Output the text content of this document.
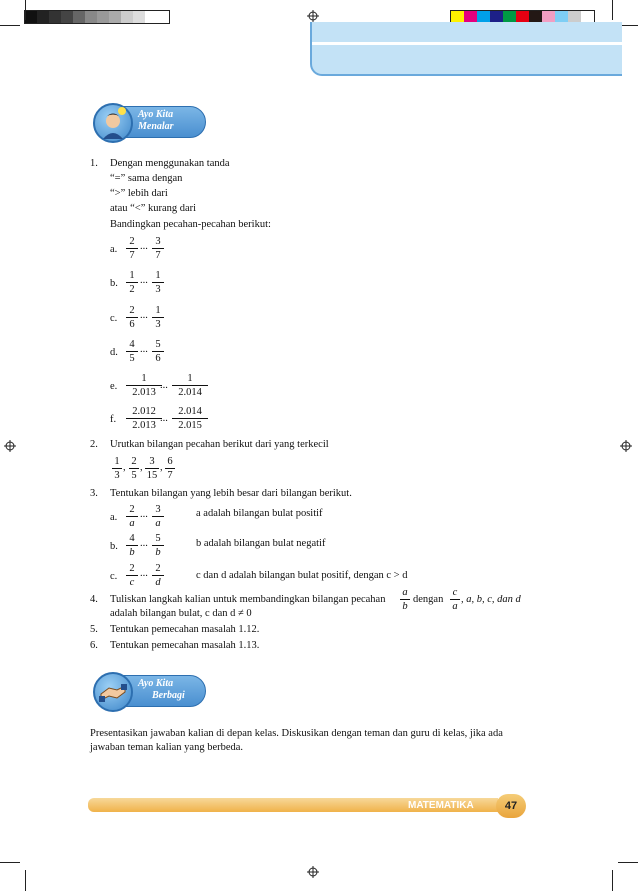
Ayo Kita
Menalar
1. Dengan menggunakan tanda
“=” sama dengan
“>” lebih dari
atau “<” kurang dari
Bandingkan pecahan-pecahan berikut:
a.
2
7
... 3
7
b.
1
2
... 1
3
c.
2
6
... 1
3
d.
4
5
... 5
6
e.
1
2.013
...
1
2.014
f.
2.012
2.013
...
2.014
2.015
2. Urutkan bilangan pecahan berikut dari yang terkecil
1
3
,
2
5
,
3
15
,
6
7
3. Tentukan bilangan yang lebih besar dari bilangan berikut.
a.
2
a
... 3
a
a adalah bilangan bulat positif
b.
4
b
... 5
b
b adalah bilangan bulat negatif
c.
2
c
... 2
d
c dan d adalah bilangan bulat positif, dengan c > d
4. Tuliskan langkah kalian untuk membandingkan bilangan pecahan
a
b
dengan
c
a
, a, b, c, dan d
adalah bilangan bulat, c dan d ≠ 0
5. Tentukan pemecahan masalah 1.12.
6. Tentukan pemecahan masalah 1.13.
Ayo Kita
Berbagi
Presentasikan jawaban kalian di depan kelas. Diskusikan dengan teman dan guru di kelas, jika ada
jawaban teman kalian yang berbeda.
MATEMATIKA	47
